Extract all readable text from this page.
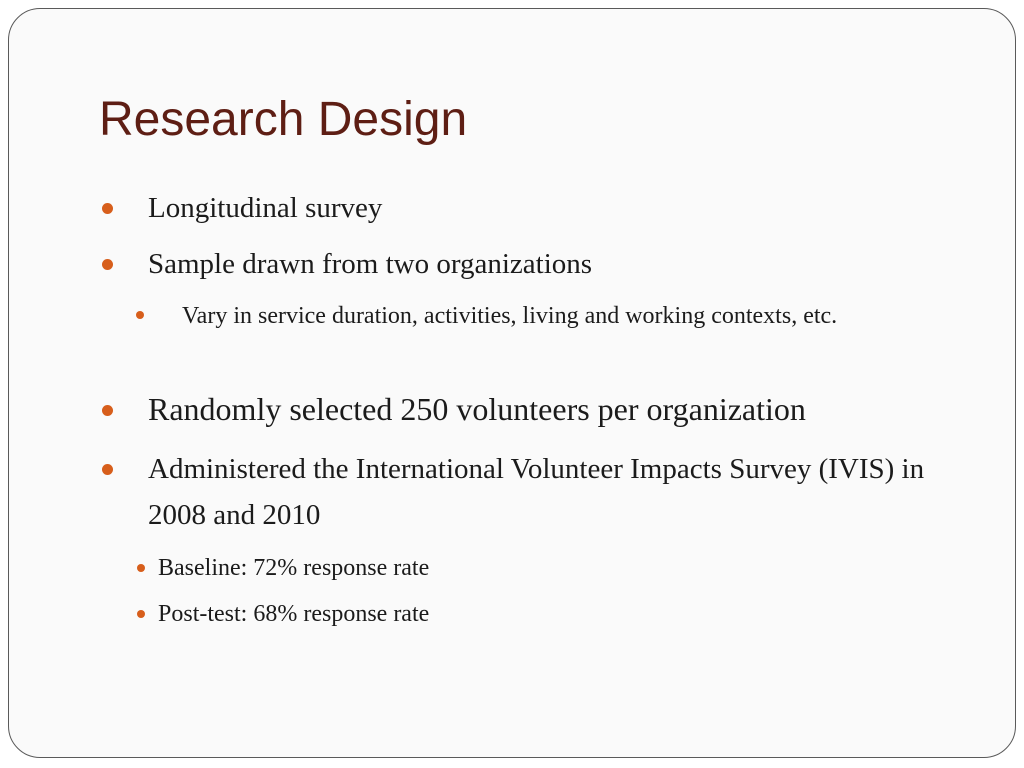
Research Design
Longitudinal survey
Sample drawn from two organizations
Vary in service duration, activities, living and working contexts, etc.
Randomly selected 250 volunteers per organization
Administered the International Volunteer Impacts Survey (IVIS) in 2008 and 2010
Baseline: 72% response rate
Post-test: 68% response rate
